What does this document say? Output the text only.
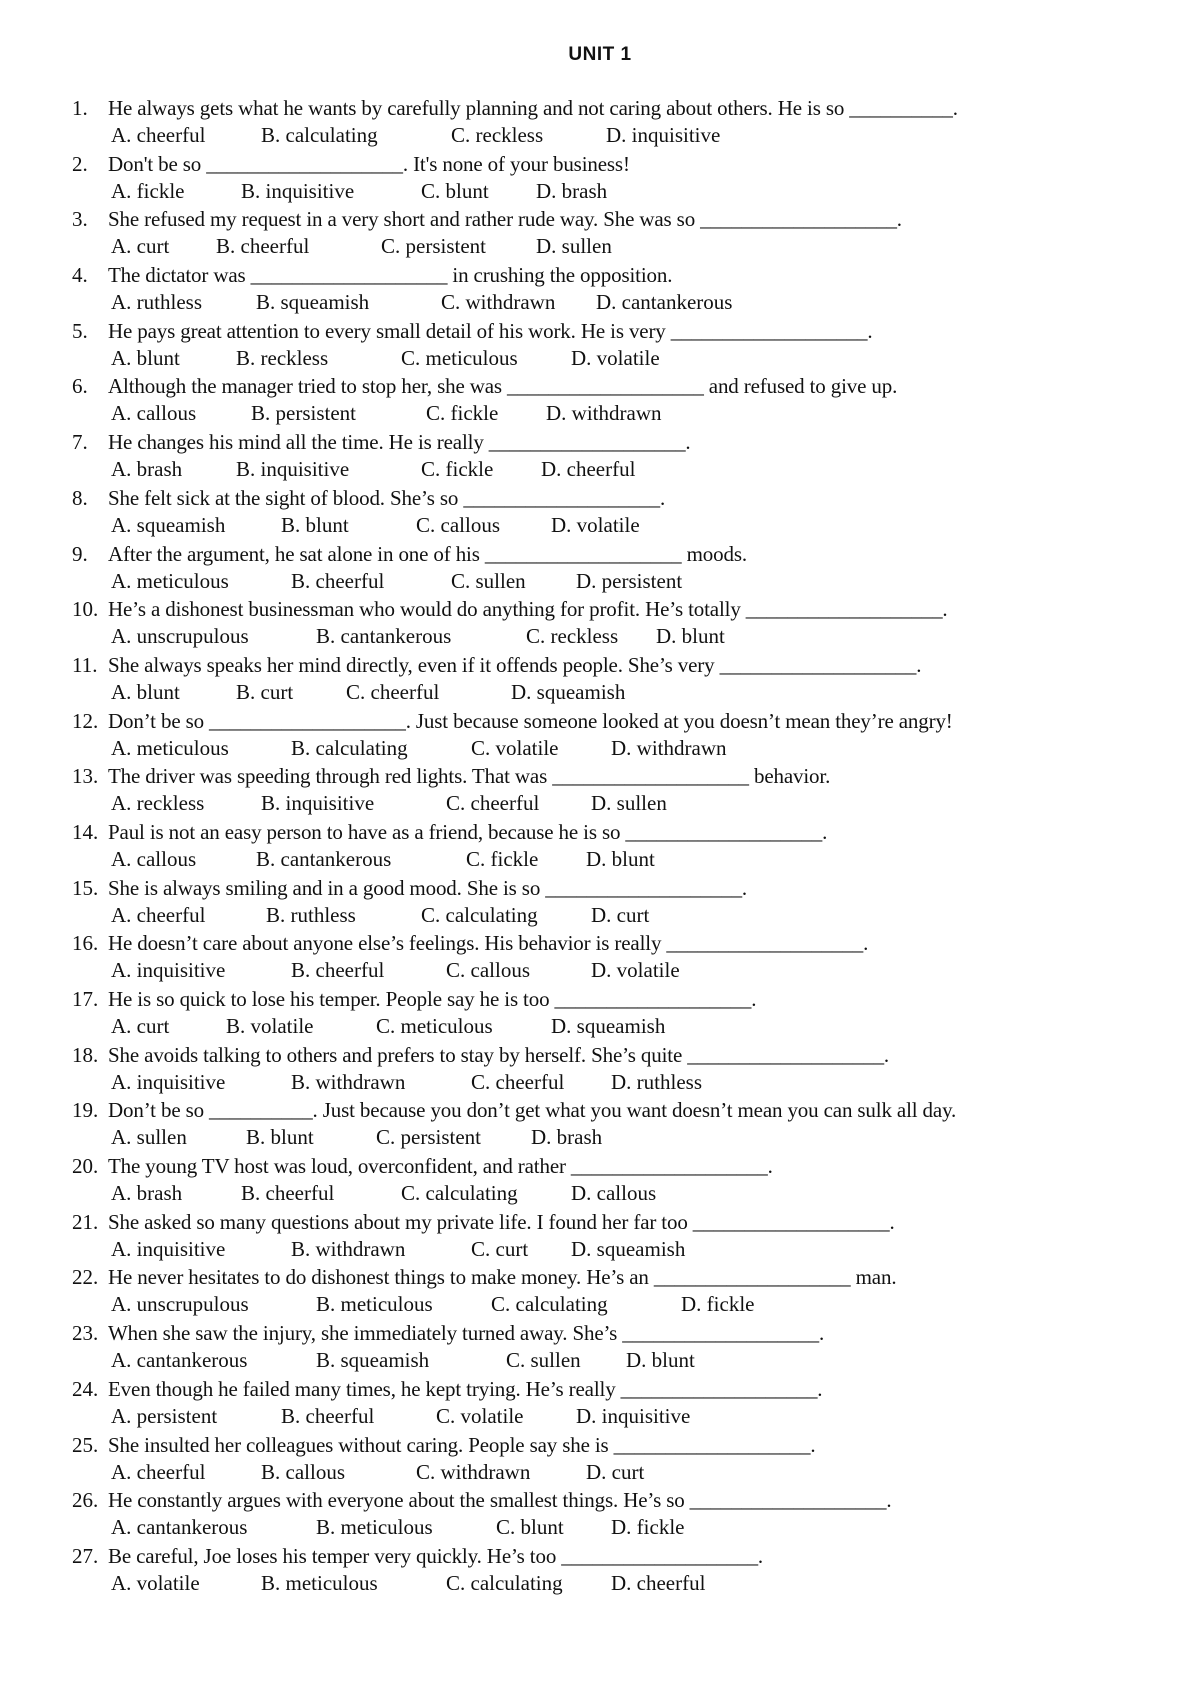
UNIT 1
1. He always gets what he wants by carefully planning and not caring about others. He is so __________.
A. cheerful	B. calculating	C. reckless	D. inquisitive
2. Don't be so ___________________. It's none of your business!
A. fickle	B. inquisitive	C. blunt D. brash
3. She refused my request in a very short and rather rude way. She was so ___________________.
A. curt B. cheerful	C. persistent D. sullen
4. The dictator was ___________________ in crushing the opposition.
A. ruthless	B. squeamish	C. withdrawn D. cantankerous
5. He pays great attention to every small detail of his work. He is very ___________________.
A. blunt	B. reckless	C. meticulous	D. volatile
6. Although the manager tried to stop her, she was ___________________ and refused to give up.
A. callous	B. persistent	C. fickle D. withdrawn
7. He changes his mind all the time. He is really ___________________.
A. brash	B. inquisitive	C. fickle D. cheerful
8. She felt sick at the sight of blood. She’s so ___________________.
A. squeamish	B. blunt	C. callous D. volatile
9. After the argument, he sat alone in one of his ___________________ moods.
A. meticulous	B. cheerful	C. sullen D. persistent
10. He’s a dishonest businessman who would do anything for profit. He’s totally ___________________.
A. unscrupulous	B. cantankerous	C. reckless D. blunt
11. She always speaks her mind directly, even if it offends people. She’s very ___________________.
A. blunt	B. curt	C. cheerful	D. squeamish
12. Don’t be so ___________________. Just because someone looked at you doesn’t mean they’re angry!
A. meticulous	B. calculating	C. volatile	D. withdrawn
13. The driver was speeding through red lights. That was ___________________ behavior.
A. reckless	B. inquisitive	C. cheerful D. sullen
14. Paul is not an easy person to have as a friend, because he is so ___________________.
A. callous	B. cantankerous	C. fickle D. blunt
15. She is always smiling and in a good mood. She is so ___________________.
A. cheerful	B. ruthless	C. calculating	D. curt
16. He doesn’t care about anyone else’s feelings. His behavior is really ___________________.
A. inquisitive	B. cheerful	C. callous	D. volatile
17. He is so quick to lose his temper. People say he is too ___________________.
A. curt	B. volatile	C. meticulous	D. squeamish
18. She avoids talking to others and prefers to stay by herself. She’s quite ___________________.
A. inquisitive	B. withdrawn	C. cheerful D. ruthless
19. Don’t be so __________. Just because you don’t get what you want doesn’t mean you can sulk all day.
A. sullen	B. blunt	C. persistent D. brash
20. The young TV host was loud, overconfident, and rather ___________________.
A. brash	B. cheerful	C. calculating	D. callous
21. She asked so many questions about my private life. I found her far too ___________________.
A. inquisitive	B. withdrawn	C. curt D. squeamish
22. He never hesitates to do dishonest things to make money. He’s an ___________________ man.
A. unscrupulous	B. meticulous	C. calculating	D. fickle
23. When she saw the injury, she immediately turned away. She’s ___________________.
A. cantankerous	B. squeamish	C. sullen D. blunt
24. Even though he failed many times, he kept trying. He’s really ___________________.
A. persistent	B. cheerful	C. volatile	D. inquisitive
25. She insulted her colleagues without caring. People say she is ___________________.
A. cheerful	B. callous	C. withdrawn	D. curt
26. He constantly argues with everyone about the smallest things. He’s so ___________________.
A. cantankerous	B. meticulous	C. blunt D. fickle
27. Be careful, Joe loses his temper very quickly. He’s too ___________________.
A. volatile	B. meticulous	C. calculating D. cheerful
